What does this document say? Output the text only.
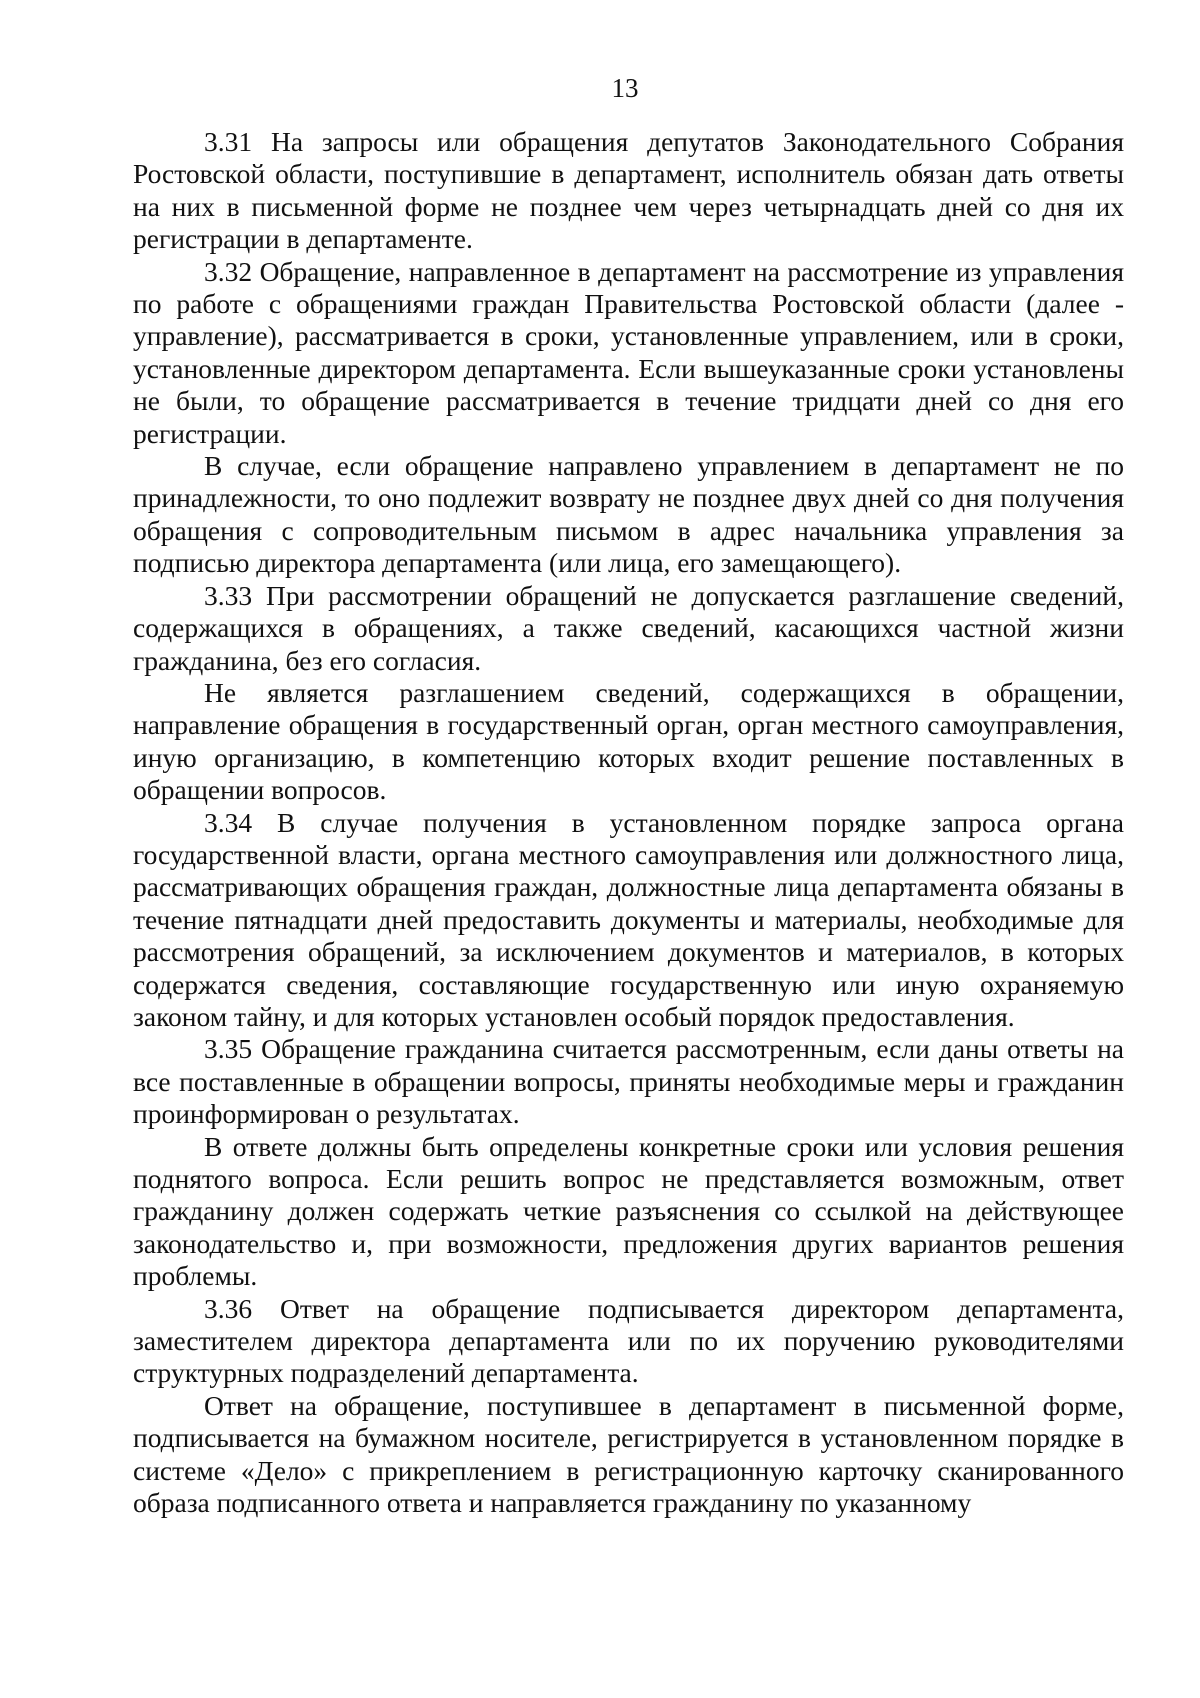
13

3.31 На запросы или обращения депутатов Законодательного Собрания Ростовской области, поступившие в департамент, исполнитель обязан дать ответы на них в письменной форме не позднее чем через четырнадцать дней со дня их регистрации в департаменте.

3.32 Обращение, направленное в департамент на рассмотрение из управления по работе с обращениями граждан Правительства Ростовской области (далее - управление), рассматривается в сроки, установленные управлением, или в сроки, установленные директором департамента. Если вышеуказанные сроки установлены не были, то обращение рассматривается в течение тридцати дней со дня его регистрации.

В случае, если обращение направлено управлением в департамент не по принадлежности, то оно подлежит возврату не позднее двух дней со дня получения обращения с сопроводительным письмом в адрес начальника управления за подписью директора департамента (или лица, его замещающего).

3.33 При рассмотрении обращений не допускается разглашение сведений, содержащихся в обращениях, а также сведений, касающихся частной жизни гражданина, без его согласия.

Не является разглашением сведений, содержащихся в обращении, направление обращения в государственный орган, орган местного самоуправления, иную организацию, в компетенцию которых входит решение поставленных в обращении вопросов.

3.34 В случае получения в установленном порядке запроса органа государственной власти, органа местного самоуправления или должностного лица, рассматривающих обращения граждан, должностные лица департамента обязаны в течение пятнадцати дней предоставить документы и материалы, необходимые для рассмотрения обращений, за исключением документов и материалов, в которых содержатся сведения, составляющие государственную или иную охраняемую законом тайну, и для которых установлен особый порядок предоставления.

3.35 Обращение гражданина считается рассмотренным, если даны ответы на все поставленные в обращении вопросы, приняты необходимые меры и гражданин проинформирован о результатах.

В ответе должны быть определены конкретные сроки или условия решения поднятого вопроса. Если решить вопрос не представляется возможным, ответ гражданину должен содержать четкие разъяснения со ссылкой на действующее законодательство и, при возможности, предложения других вариантов решения проблемы.

3.36 Ответ на обращение подписывается директором департамента, заместителем директора департамента или по их поручению руководителями структурных подразделений департамента.

Ответ на обращение, поступившее в департамент в письменной форме, подписывается на бумажном носителе, регистрируется в установленном порядке в системе «Дело» с прикреплением в регистрационную карточку сканированного образа подписанного ответа и направляется гражданину по указанному
